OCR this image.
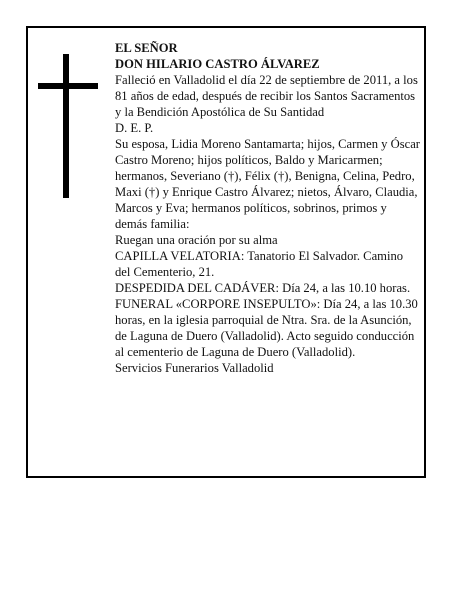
EL SEÑOR

DON HILARIO CASTRO ÁLVAREZ

Falleció en Valladolid el día 22 de septiembre de 2011, a los 81 años de edad, después de recibir los Santos Sacramentos y la Bendición Apostólica de Su Santidad

D. E. P.

Su esposa, Lidia Moreno Santamarta; hijos, Carmen y Óscar Castro Moreno; hijos políticos, Baldo y Maricarmen; hermanos, Severiano (†), Félix (†), Benigna, Celina, Pedro, Maxi (†) y Enrique Castro Álvarez; nietos, Álvaro, Claudia, Marcos y Eva; hermanos políticos, sobrinos, primos y demás familia:

Ruegan una oración por su alma

CAPILLA VELATORIA: Tanatorio El Salvador. Camino del Cementerio, 21.

DESPEDIDA DEL CADÁVER: Día 24, a las 10.10 horas.

FUNERAL «CORPORE INSEPULTO»: Día 24, a las 10.30 horas, en la iglesia parroquial de Ntra. Sra. de la Asunción, de Laguna de Duero (Valladolid). Acto seguido conducción al cementerio de Laguna de Duero (Valladolid).

Servicios Funerarios Valladolid
